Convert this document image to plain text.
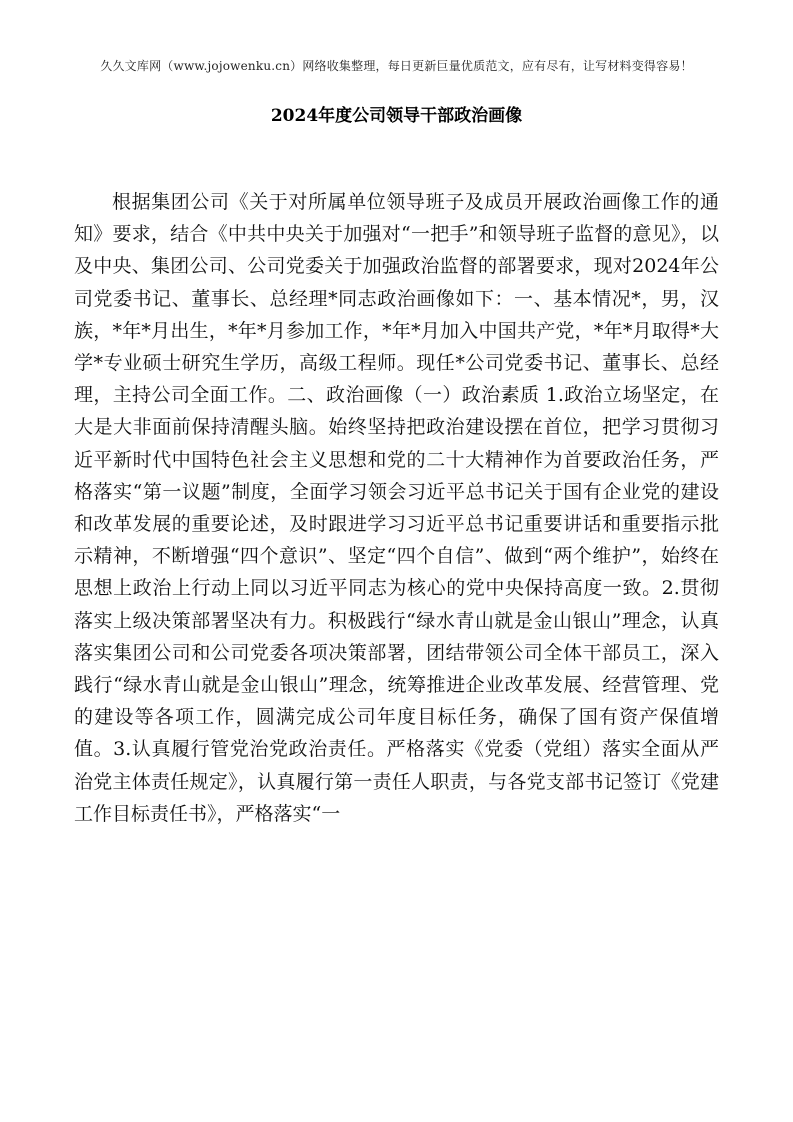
久久文库网（www.jojowenku.cn）网络收集整理，每日更新巨量优质范文，应有尽有，让写材料变得容易！
2024年度公司领导干部政治画像

根据集团公司《关于对所属单位领导班子及成员开展政治画像工作的通知》要求，结合《中共中央关于加强对“一把手”和领导班子监督的意见》，以及中央、集团公司、公司党委关于加强政治监督的部署要求，现对2024年公司党委书记、董事长、总经理*同志政治画像如下：一、基本情况*，男，汉族，*年*月出生，*年*月参加工作，*年*月加入中国共产党，*年*月取得*大学*专业硕士研究生学历，高级工程师。现任*公司党委书记、董事长、总经理，主持公司全面工作。二、政治画像（一）政治素质 1.政治立场坚定，在大是大非面前保持清醒头脑。始终坚持把政治建设摆在首位，把学习贯彻习近平新时代中国特色社会主义思想和党的二十大精神作为首要政治任务，严格落实“第一议题”制度，全面学习领会习近平总书记关于国有企业党的建设和改革发展的重要论述，及时跟进学习习近平总书记重要讲话和重要指示批示精神，不断增强“四个意识”、坚定“四个自信”、做到“两个维护”，始终在思想上政治上行动上同以习近平同志为核心的党中央保持高度一致。2.贯彻落实上级决策部署坚决有力。积极践行“绿水青山就是金山银山”理念，认真落实集团公司和公司党委各项决策部署，团结带领公司全体干部员工，深入践行“绿水青山就是金山银山”理念，统筹推进企业改革发展、经营管理、党的建设等各项工作，圆满完成公司年度目标任务，确保了国有资产保值增值。3.认真履行管党治党政治责任。严格落实《党委（党组）落实全面从严治党主体责任规定》，认真履行第一责任人职责，与各党支部书记签订《党建工作目标责任书》，严格落实“一
